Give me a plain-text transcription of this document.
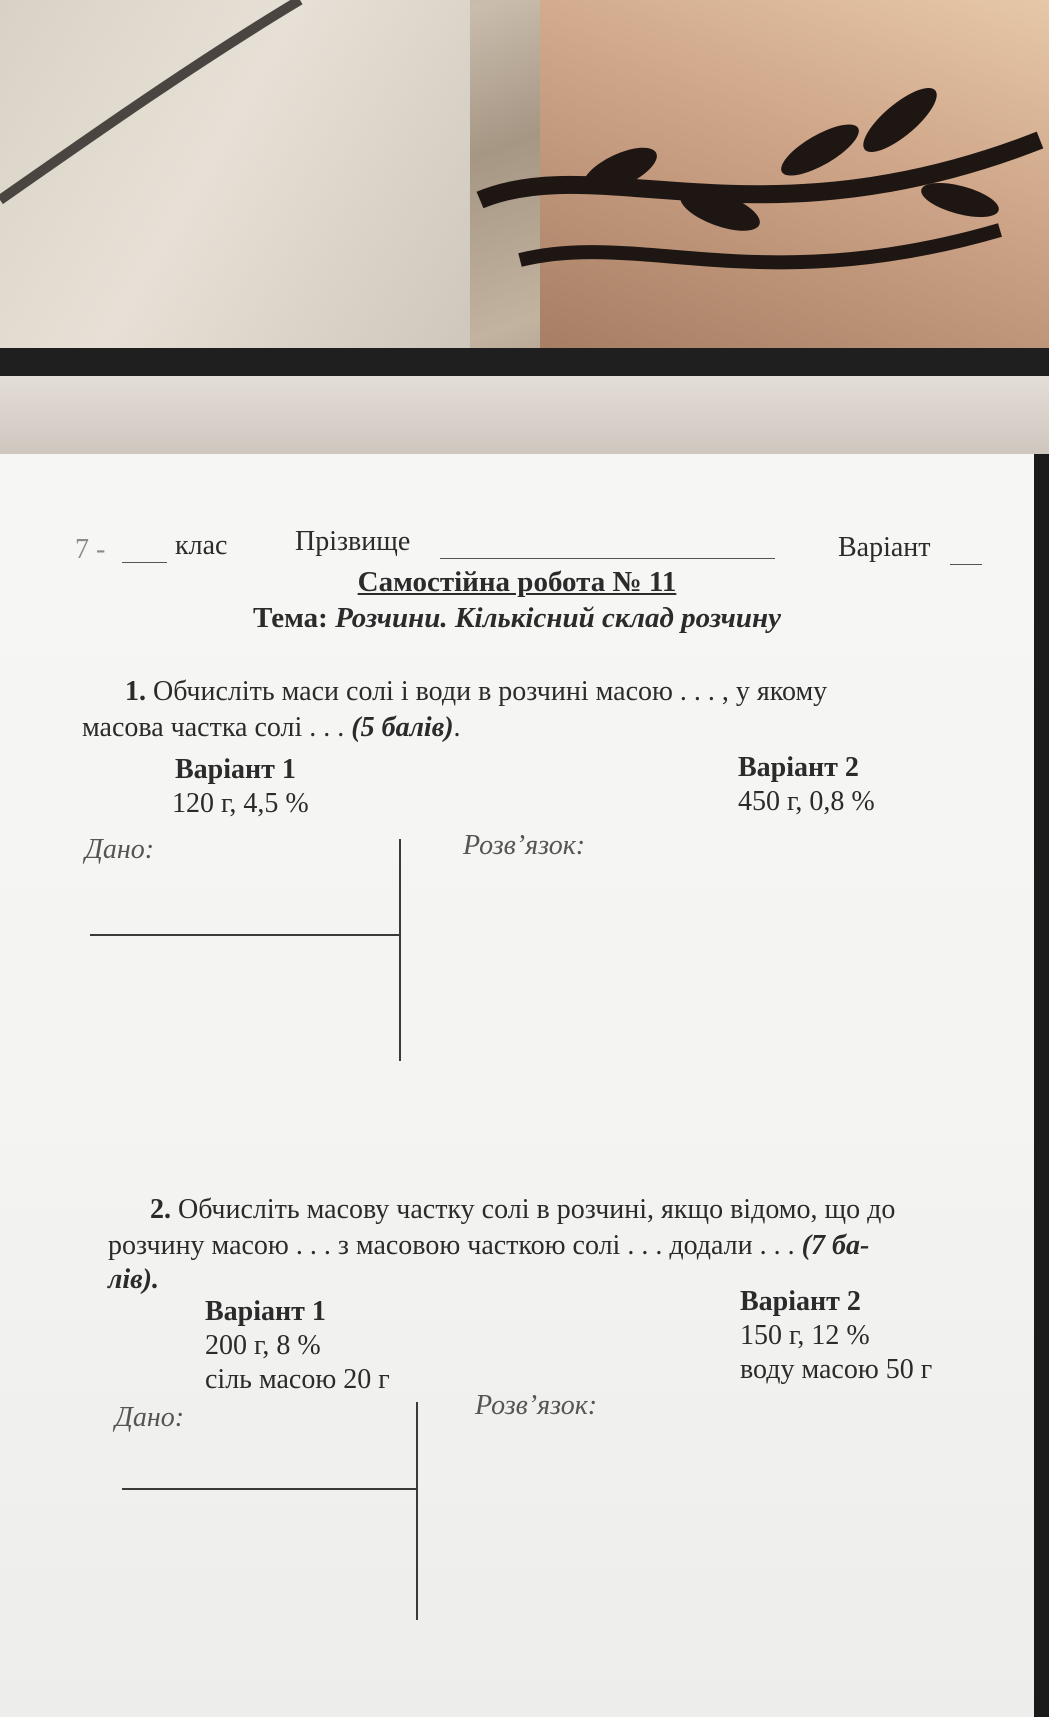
7 - клас Прізвище	Варіант
Самостійна робота № 11
Тема: Розчини. Кількісний склад розчину
1. Обчисліть маси солі і води в розчині масою . . . , у якому
масова частка солі . . . (5 балів).
Варіант 1
120 г, 4,5 %
Варіант 2
450 г, 0,8 %
Дано:	Розв’язок:
2. Обчисліть масову частку солі в розчині, якщо відомо, що до
розчину масою . . . з масовою часткою солі . . . додали . . . (7 ба-
лів).
Варіант 1
200 г, 8 %
сіль масою 20 г
Варіант 2
150 г, 12 %
воду масою 50 г
Дано:	Розв’язок:
